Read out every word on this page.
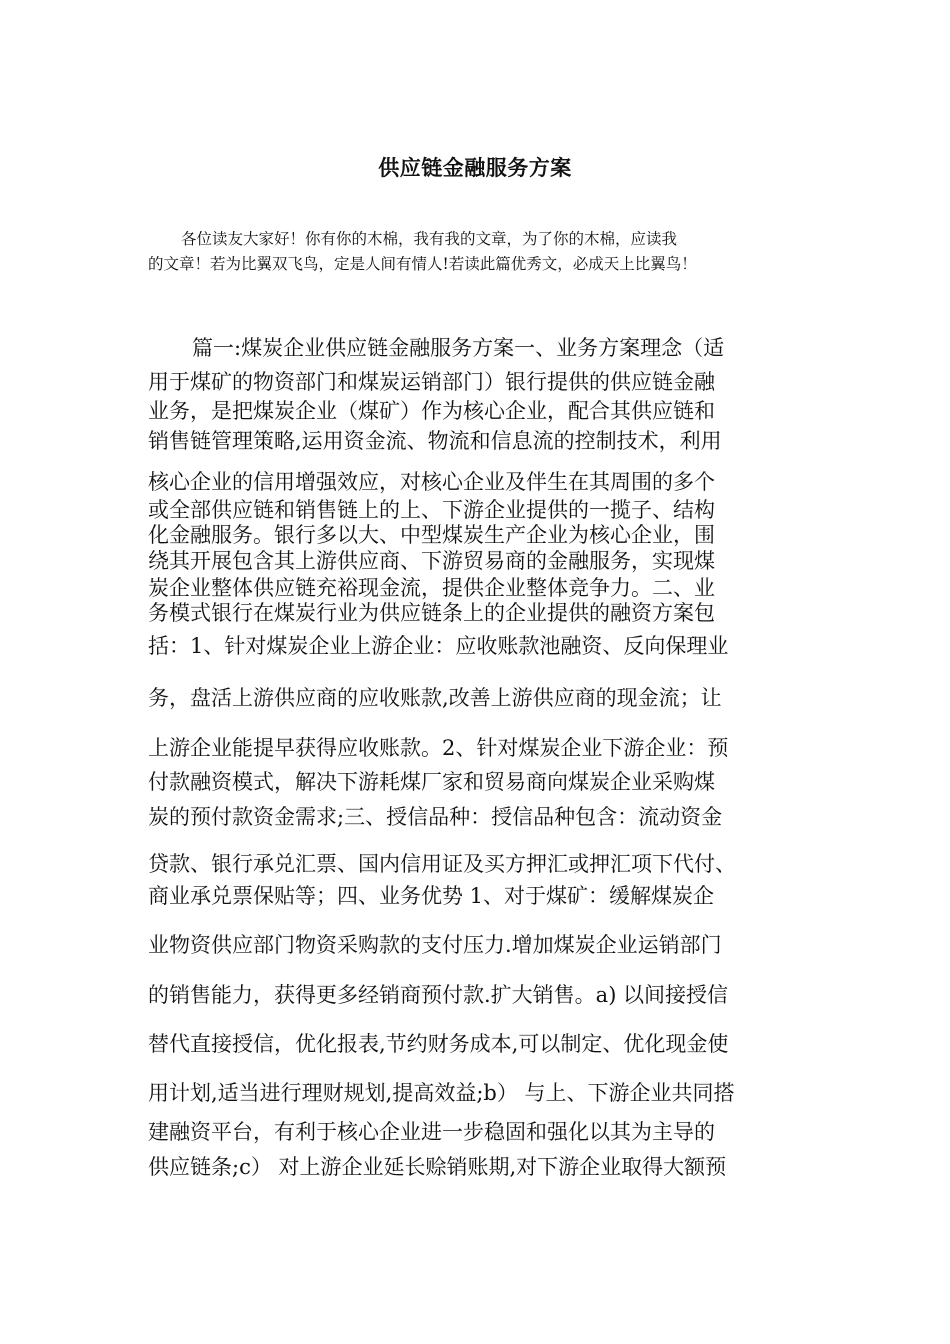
供应链金融服务方案
各位读友大家好！你有你的木棉，我有我的文章，为了你的木棉，应读我
的文章！若为比翼双飞鸟，定是人间有情人!若读此篇优秀文，必成天上比翼鸟！
篇一:煤炭企业供应链金融服务方案一、业务方案理念（适
用于煤矿的物资部门和煤炭运销部门）银行提供的供应链金融
业务，是把煤炭企业（煤矿）作为核心企业，配合其供应链和
销售链管理策略,运用资金流、物流和信息流的控制技术，利用
核心企业的信用增强效应，对核心企业及伴生在其周围的多个
或全部供应链和销售链上的上、下游企业提供的一揽子、结构
化金融服务。银行多以大、中型煤炭生产企业为核心企业，围
绕其开展包含其上游供应商、下游贸易商的金融服务，实现煤
炭企业整体供应链充裕现金流，提供企业整体竞争力。二、业
务模式银行在煤炭行业为供应链条上的企业提供的融资方案包
括：1、针对煤炭企业上游企业：应收账款池融资、反向保理业
务，盘活上游供应商的应收账款,改善上游供应商的现金流；让
上游企业能提早获得应收账款。2、针对煤炭企业下游企业：预
付款融资模式，解决下游耗煤厂家和贸易商向煤炭企业采购煤
炭的预付款资金需求;三、授信品种：授信品种包含：流动资金
贷款、银行承兑汇票、国内信用证及买方押汇或押汇项下代付、
商业承兑票保贴等；四、业务优势 1、对于煤矿：缓解煤炭企
业物资供应部门物资采购款的支付压力.增加煤炭企业运销部门
的销售能力，获得更多经销商预付款.扩大销售。a) 以间接授信
替代直接授信，优化报表,节约财务成本,可以制定、优化现金使
用计划,适当进行理财规划,提高效益;b） 与上、下游企业共同搭
建融资平台，有利于核心企业进一步稳固和强化以其为主导的
供应链条;c） 对上游企业延长赊销账期,对下游企业取得大额预
